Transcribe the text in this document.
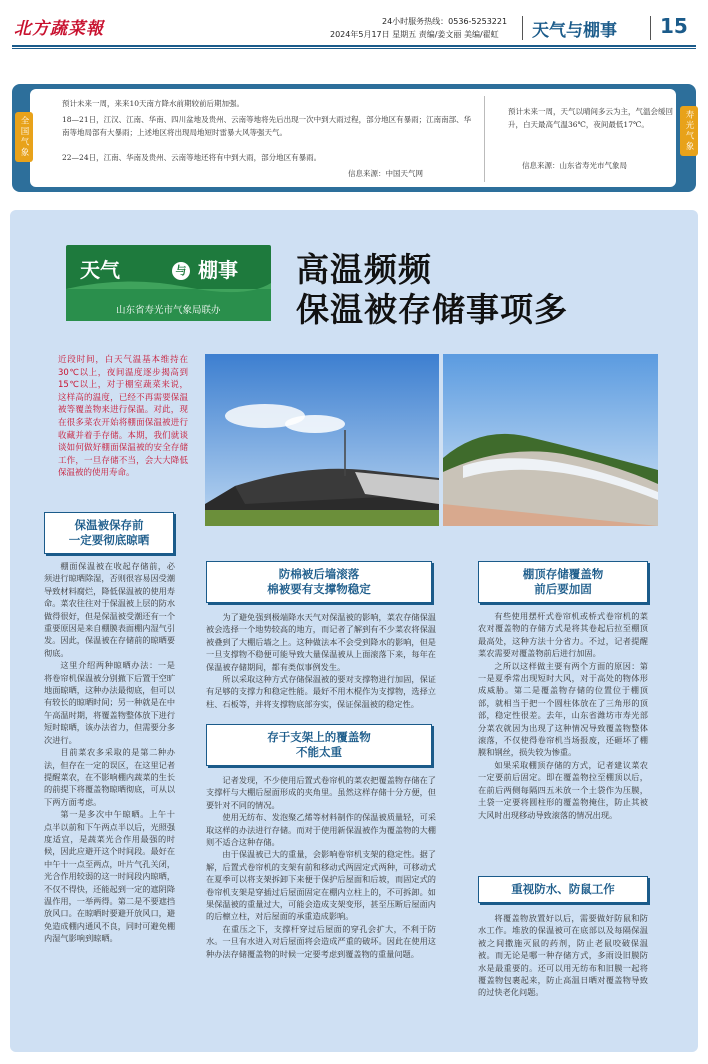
北方蔬菜報	24小时服务热线：0536-5253221
2024年5月17日 星期五 责编/姜文丽 美编/翟虹 天气与棚事 15
全国气象	寿光气象
预计未来一周，来来10天南方降水前期较前后期加强。
18—21日，江汉、江南、华南、四川盆地及贵州、云南等地将先后出现一次中到大雨过程，部分地区有暴雨；江南南部、华南等地局部有大暴雨；上述地区将出现局地短时雷暴大风等强天气。
22—24日，江南、华南及贵州、云南等地还将有中到大雨，部分地区有暴雨。
信息来源：中国天气网
预计未来一周，天气以晴间多云为主，气温会缓回升，白天最高气温36℃，夜间最低17℃。
信息来源：山东省寿光市气象局
天气	与 棚事
山东省寿光市气象局联办
高温频频
保温被存储事项多
近段时间，白天气温基本维持在30℃以上，夜间温度逐步揭高到15℃以上，对于棚室蔬菜来说，这样高的温度，已经不再需要保温被等覆盖物来进行保温。对此，现在很多菜农开始将棚面保温被进行收藏并着手存储。本期，我们就谈谈如何做好棚面保温被的安全存储工作，一旦存储不当，会大大降低保温被的使用寿命。
保温被保存前
一定要彻底晾晒

棚面保温被在收起存储前，必须进行晾晒除湿，否则很容易因受潮导致材料腐烂，降低保温被的使用寿命。菜农往往对于保温被上层的防水做得很好，但是保温被受潮还有一个重要原因是来自棚膜表面棚内湿气引发。因此，保温被在存储前的晾晒要彻底。

这里介绍两种晾晒办法：一是将卷帘机保温被分别撤下后置于空旷地面晾晒，这种办法最彻底，但可以有较长的晾晒时间；另一种就是在中午高温时期，将覆盖物整体放下进行短时晾晒，该办法省力，但需要分多次进行。

目前菜农多采取的是第二种办法，但存在一定的误区，在这里记者提醒菜农，在不影响棚内蔬菜的生长的前提下将覆盖物晾晒彻底，可从以下两方面考虑。

第一是多次中午晾晒。上午十点半以前和下午两点半以后，光照强度适宜，是蔬菜光合作用最强的时候，因此应避开这个时间段。最好在中午十一点至两点，叶片气孔关闭，光合作用较弱的这一时间段内晾晒，不仅不得快，还能起到一定的遮阴降温作用，一举两得。第二是不要遮挡放风口。在晾晒时要避开放风口，避免造成棚内通风不良，同时可避免棚内湿气影响到晾晒。

防棉被后墙滚落
棉被要有支撑物稳定

为了避免强到极端降水天气对保温被的影响，菜农存储保温被会选择一个地势较高的地方，而记者了解到有不少菜农将保温被叠到了大棚后墙之上。这种做法本不会受到降水的影响，但是一旦支撑物不稳便可能导致大量保温被从上面滚落下来，每年在保温被存储期间，都有类似事例发生。

所以采取这种方式存储保温被的要对支撑物进行加固，保证有足够的支撑力和稳定性能。最好不用木棍作为支撑物，选择立柱、石板等，并将支撑物底部夯实，保证保温被的稳定性。

存于支架上的覆盖物
不能太重

记者发现，不少使用后置式卷帘机的菜农把覆盖物存储在了支撑杆与大棚后屋面形成的夹角里。虽然这样存储十分方便，但要针对不同的情况。

使用无纺布、发泡聚乙烯等材料制作的保温被质量轻，可采取这样的办法进行存储。而对于使用新保温被作为覆盖物的大棚则不适合这种存储。

由于保温被已大的重量，会影响卷帘机支架的稳定性。据了解，后置式卷帘机的支架有前和移动式两固定式两种，可移动式在夏季可以将支架拆卸下来便于保护后屋面和后坡，而固定式的卷帘机支架是穿插过后屋面固定在棚内立柱上的，不可拆卸。如果保温被的重量过大，可能会造成支架变形，甚至压断后屋面内的后檩立柱，对后屋面的承重造成影响。

在重压之下，支撑杆穿过后屋面的穿孔会扩大，不利于防水。一旦有水进入对后屋面将会造成严重的破坏。因此在使用这种办法存储覆盖物的时候一定要考虑到覆盖物的重量问题。

棚顶存储覆盖物
前后要加固

有些使用摆杆式卷帘机或桥式卷帘机的菜农对覆盖物的存储方式是将其卷起后拉至棚顶最高处，这种方法十分省力。不过，记者提醒菜农需要对覆盖物前后进行加固。

之所以这样做主要有两个方面的原因：第一是夏季常出现短时大风，对于高处的物体形成威胁。第二是覆盖物存储的位置位于棚顶部，就相当于把一个圆柱体放在了三角形的顶部，稳定性很差。去年，山东省潍坊市寿光部分菜农就因为出现了这种情况导致覆盖物整体滚落，不仅使得卷帘机当场报废，还砸坏了棚膜和钢丝，损失较为惨重。

如果采取棚顶存储的方式，记者建议菜农一定要前后固定。即在覆盖物拉至棚顶以后，在前后两侧每隔四五米放一个土袋作为压膜，土袋一定要将圆柱形的覆盖物掩住，防止其被大风时出现移动导致滚落的情况出现。

重视防水、防鼠工作

将覆盖物放置好以后，需要做好防鼠和防水工作。堆放的保温被可在底部以及每隔保温被之间撒施灭鼠的药剂，防止老鼠咬破保温被。而无论是哪一种存储方式，多雨设旧膜防水是最重要的。还可以用无纺布和旧膜一起将覆盖物包裹起来，防止高温日晒对覆盖物导致的过快老化问题。
